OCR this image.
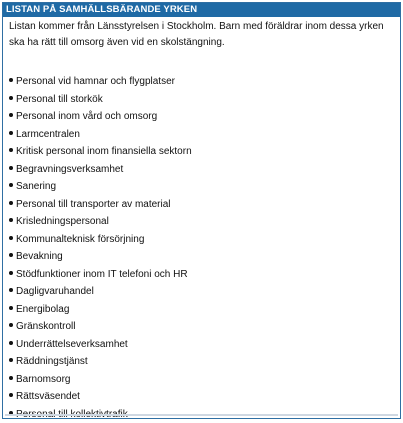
LISTAN PÅ SAMHÄLLSBÄRANDE YRKEN

Listan kommer från Länsstyrelsen i Stockholm. Barn med föräldrar inom dessa yrken ska ha rätt till omsorg även vid en skolstängning.

Personal vid hamnar och flygplatser
Personal till storkök
Personal inom vård och omsorg
Larmcentralen
Kritisk personal inom finansiella sektorn
Begravningsverksamhet
Sanering
Personal till transporter av material
Krisledningspersonal
Kommunalteknisk försörjning
Bevakning
Stödfunktioner inom IT telefoni och HR
Dagligvaruhandel
Energibolag
Gränskontroll
Underrättelseverksamhet
Räddningstjänst
Barnomsorg
Rättsväsendet
